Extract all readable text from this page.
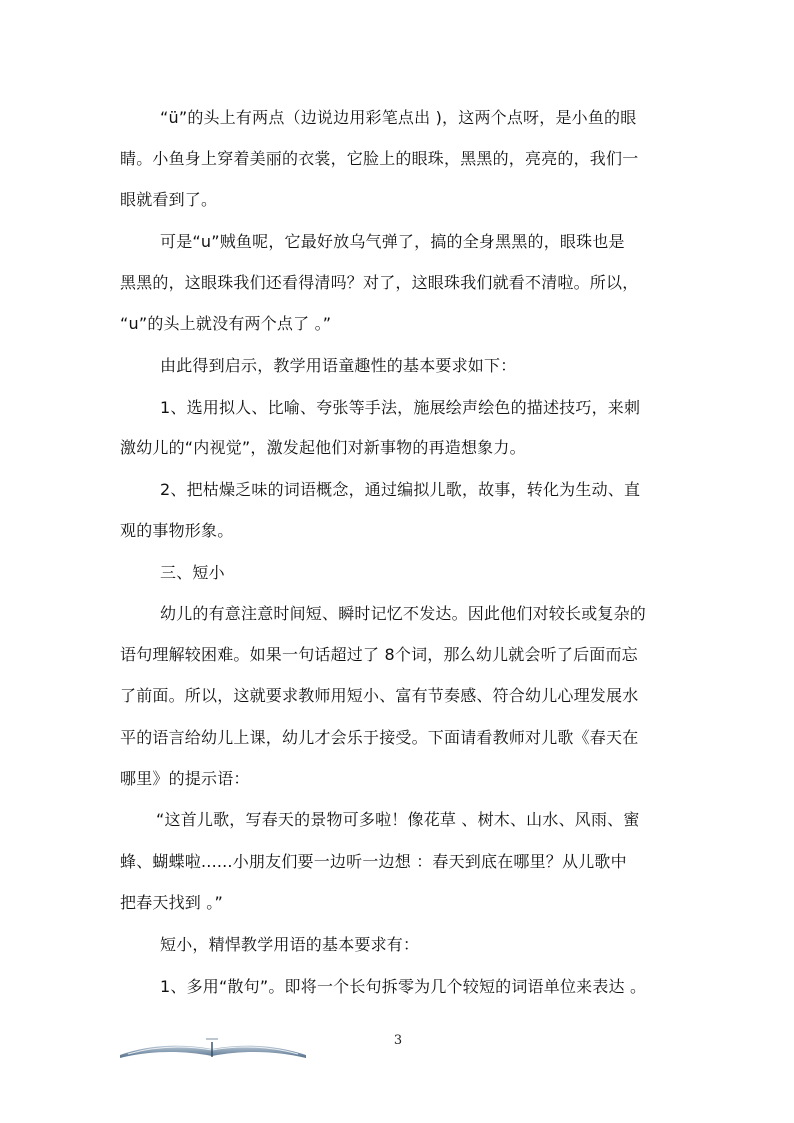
“ü”的头上有两点（边说边用彩笔点出 )，这两个点呀，是小鱼的眼
睛。小鱼身上穿着美丽的衣裳，它脸上的眼珠，黑黑的，亮亮的，我们一
眼就看到了。
可是“u”贼鱼呢，它最好放乌气弹了，搞的全身黑黑的，眼珠也是
黑黑的，这眼珠我们还看得清吗？对了，这眼珠我们就看不清啦。所以，
“u”的头上就没有两个点了 。”
由此得到启示，教学用语童趣性的基本要求如下：
1、选用拟人、比喻、夸张等手法，施展绘声绘色的描述技巧，来刺
激幼儿的“内视觉”，激发起他们对新事物的再造想象力。
2、把枯燥乏味的词语概念，通过编拟儿歌，故事，转化为生动、直
观的事物形象。
三、短小
幼儿的有意注意时间短、瞬时记忆不发达。因此他们对较长或复杂的
语句理解较困难。如果一句话超过了 8个词，那么幼儿就会听了后面而忘
了前面。所以，这就要求教师用短小、富有节奏感、符合幼儿心理发展水
平的语言给幼儿上课，幼儿才会乐于接受。下面请看教师对儿歌《春天在
哪里》的提示语：
“这首儿歌，写春天的景物可多啦！像花草 、树木、山水、风雨、蜜
蜂、蝴蝶啦......小朋友们要一边听一边想 ：春天到底在哪里？从儿歌中
把春天找到 。”
短小，精悍教学用语的基本要求有：
1、多用“散句”。即将一个长句拆零为几个较短的词语单位来表达 。
3
